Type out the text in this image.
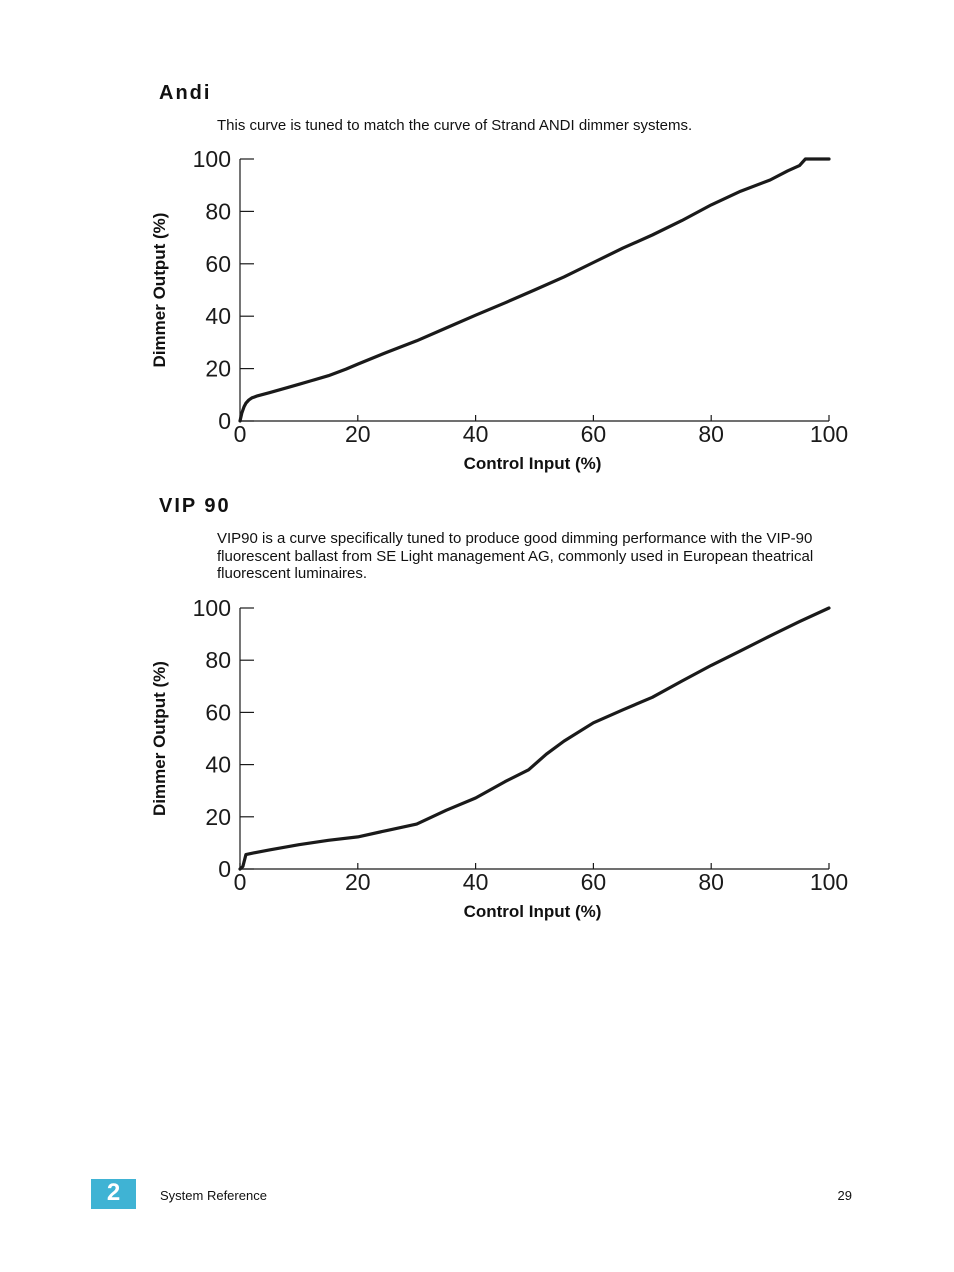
Andi
This curve is tuned to match the curve of Strand ANDI dimmer systems.
0
20
40
60
80
100
0	20	40	60	80	100
Control Input (%)
Dimmer Output (%)
VIP 90
VIP90 is a curve specifically tuned to produce good dimming performance with the VIP-90 fluorescent ballast from SE Light management AG, commonly used in European theatrical fluorescent luminaires.
0
20
40
60
80
100
0	20	40	60	80	100
Control Input (%)
Dimmer Output (%)
2	System Reference	29
